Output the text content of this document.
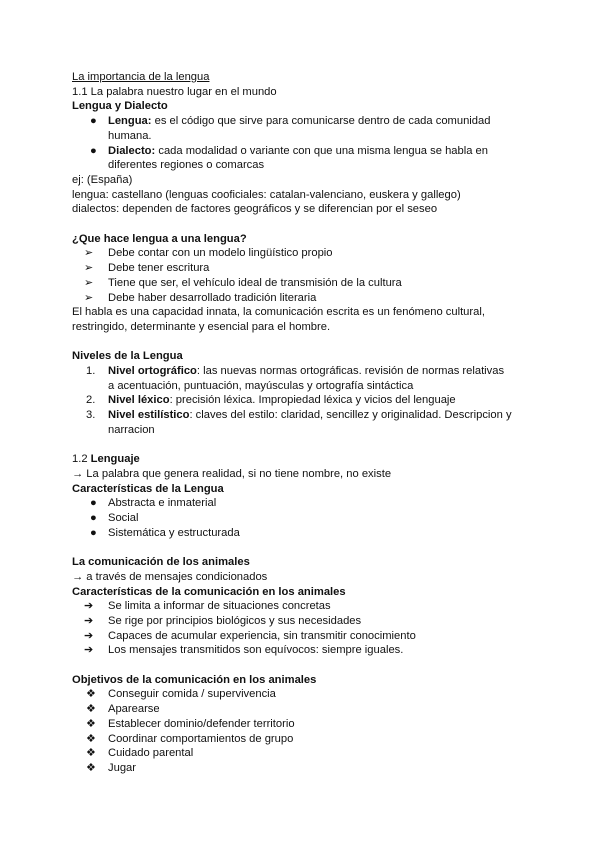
La importancia de la lengua
1.1 La palabra nuestro lugar en el mundo
Lengua y Dialecto
●	Lengua: es el código que sirve para comunicarse dentro de cada comunidad humana.
●	Dialecto: cada modalidad o variante con que una misma lengua se habla en diferentes regiones o comarcas
ej: (España)
lengua: castellano (lenguas cooficiales: catalan-valenciano, euskera y gallego)
dialectos: dependen de factores geográficos y se diferencian por el seseo
¿Que hace lengua a una lengua?
➢	Debe contar con un modelo lingüístico propio
➢	Debe tener escritura
➢	Tiene que ser, el vehículo ideal de transmisión de la cultura
➢	Debe haber desarrollado tradición literaria
El habla es una capacidad innata, la comunicación escrita es un fenómeno cultural, restringido, determinante y esencial para el hombre.
Niveles de la Lengua
1.	Nivel ortográfico: las nuevas normas ortográficas. revisión de normas relativas a acentuación, puntuación, mayúsculas y ortografía sintáctica
2.	Nivel léxico: precisión léxica. Impropiedad léxica y vicios del lenguaje
3.	Nivel estilístico: claves del estilo: claridad, sencillez y originalidad. Descripcion y narracion
1.2 Lenguaje
→ La palabra que genera realidad, si no tiene nombre, no existe
Características de la Lengua
●	Abstracta e inmaterial
●	Social
●	Sistemática y estructurada
La comunicación de los animales
→ a través de mensajes condicionados
Características de la comunicación en los animales
➔	Se limita a informar de situaciones concretas
➔	Se rige por principios biológicos y sus necesidades
➔	Capaces de acumular experiencia, sin transmitir conocimiento
➔	Los mensajes transmitidos son equívocos: siempre iguales.
Objetivos de la comunicación en los animales
❖	Conseguir comida / supervivencia
❖	Aparearse
❖	Establecer dominio/defender territorio
❖	Coordinar comportamientos de grupo
❖	Cuidado parental
❖	Jugar
